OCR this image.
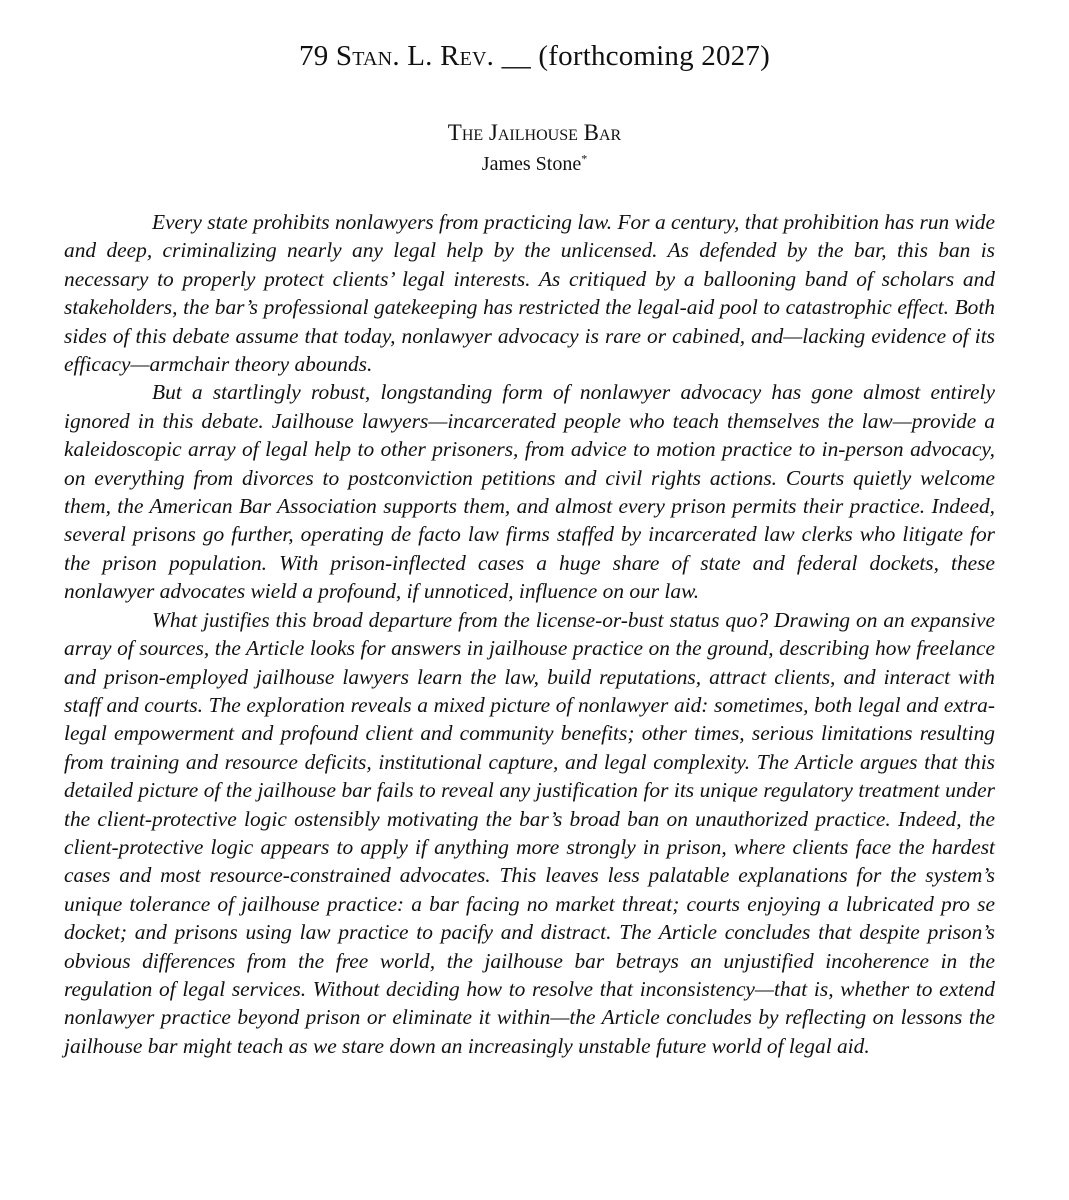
79 Stan. L. Rev. __ (forthcoming 2027)
The Jailhouse Bar
James Stone*

Every state prohibits nonlawyers from practicing law. For a century, that prohibition has run wide and deep, criminalizing nearly any legal help by the unlicensed. As defended by the bar, this ban is necessary to properly protect clients’ legal interests. As critiqued by a ballooning band of scholars and stakeholders, the bar’s professional gatekeeping has restricted the legal-aid pool to catastrophic effect. Both sides of this debate assume that today, nonlawyer advocacy is rare or cabined, and—lacking evidence of its efficacy—armchair theory abounds.

But a startlingly robust, longstanding form of nonlawyer advocacy has gone almost entirely ignored in this debate. Jailhouse lawyers—incarcerated people who teach themselves the law—provide a kaleidoscopic array of legal help to other prisoners, from advice to motion practice to in-person advocacy, on everything from divorces to postconviction petitions and civil rights actions. Courts quietly welcome them, the American Bar Association supports them, and almost every prison permits their practice. Indeed, several prisons go further, operating de facto law firms staffed by incarcerated law clerks who litigate for the prison population. With prison-inflected cases a huge share of state and federal dockets, these nonlawyer advocates wield a profound, if unnoticed, influence on our law.

What justifies this broad departure from the license-or-bust status quo? Drawing on an expansive array of sources, the Article looks for answers in jailhouse practice on the ground, describing how freelance and prison-employed jailhouse lawyers learn the law, build reputations, attract clients, and interact with staff and courts. The exploration reveals a mixed picture of nonlawyer aid: sometimes, both legal and extra-legal empowerment and profound client and community benefits; other times, serious limitations resulting from training and resource deficits, institutional capture, and legal complexity. The Article argues that this detailed picture of the jailhouse bar fails to reveal any justification for its unique regulatory treatment under the client-protective logic ostensibly motivating the bar’s broad ban on unauthorized practice. Indeed, the client-protective logic appears to apply if anything more strongly in prison, where clients face the hardest cases and most resource-constrained advocates. This leaves less palatable explanations for the system’s unique tolerance of jailhouse practice: a bar facing no market threat; courts enjoying a lubricated pro se docket; and prisons using law practice to pacify and distract. The Article concludes that despite prison’s obvious differences from the free world, the jailhouse bar betrays an unjustified incoherence in the regulation of legal services. Without deciding how to resolve that inconsistency—that is, whether to extend nonlawyer practice beyond prison or eliminate it within—the Article concludes by reflecting on lessons the jailhouse bar might teach as we stare down an increasingly unstable future world of legal aid.
